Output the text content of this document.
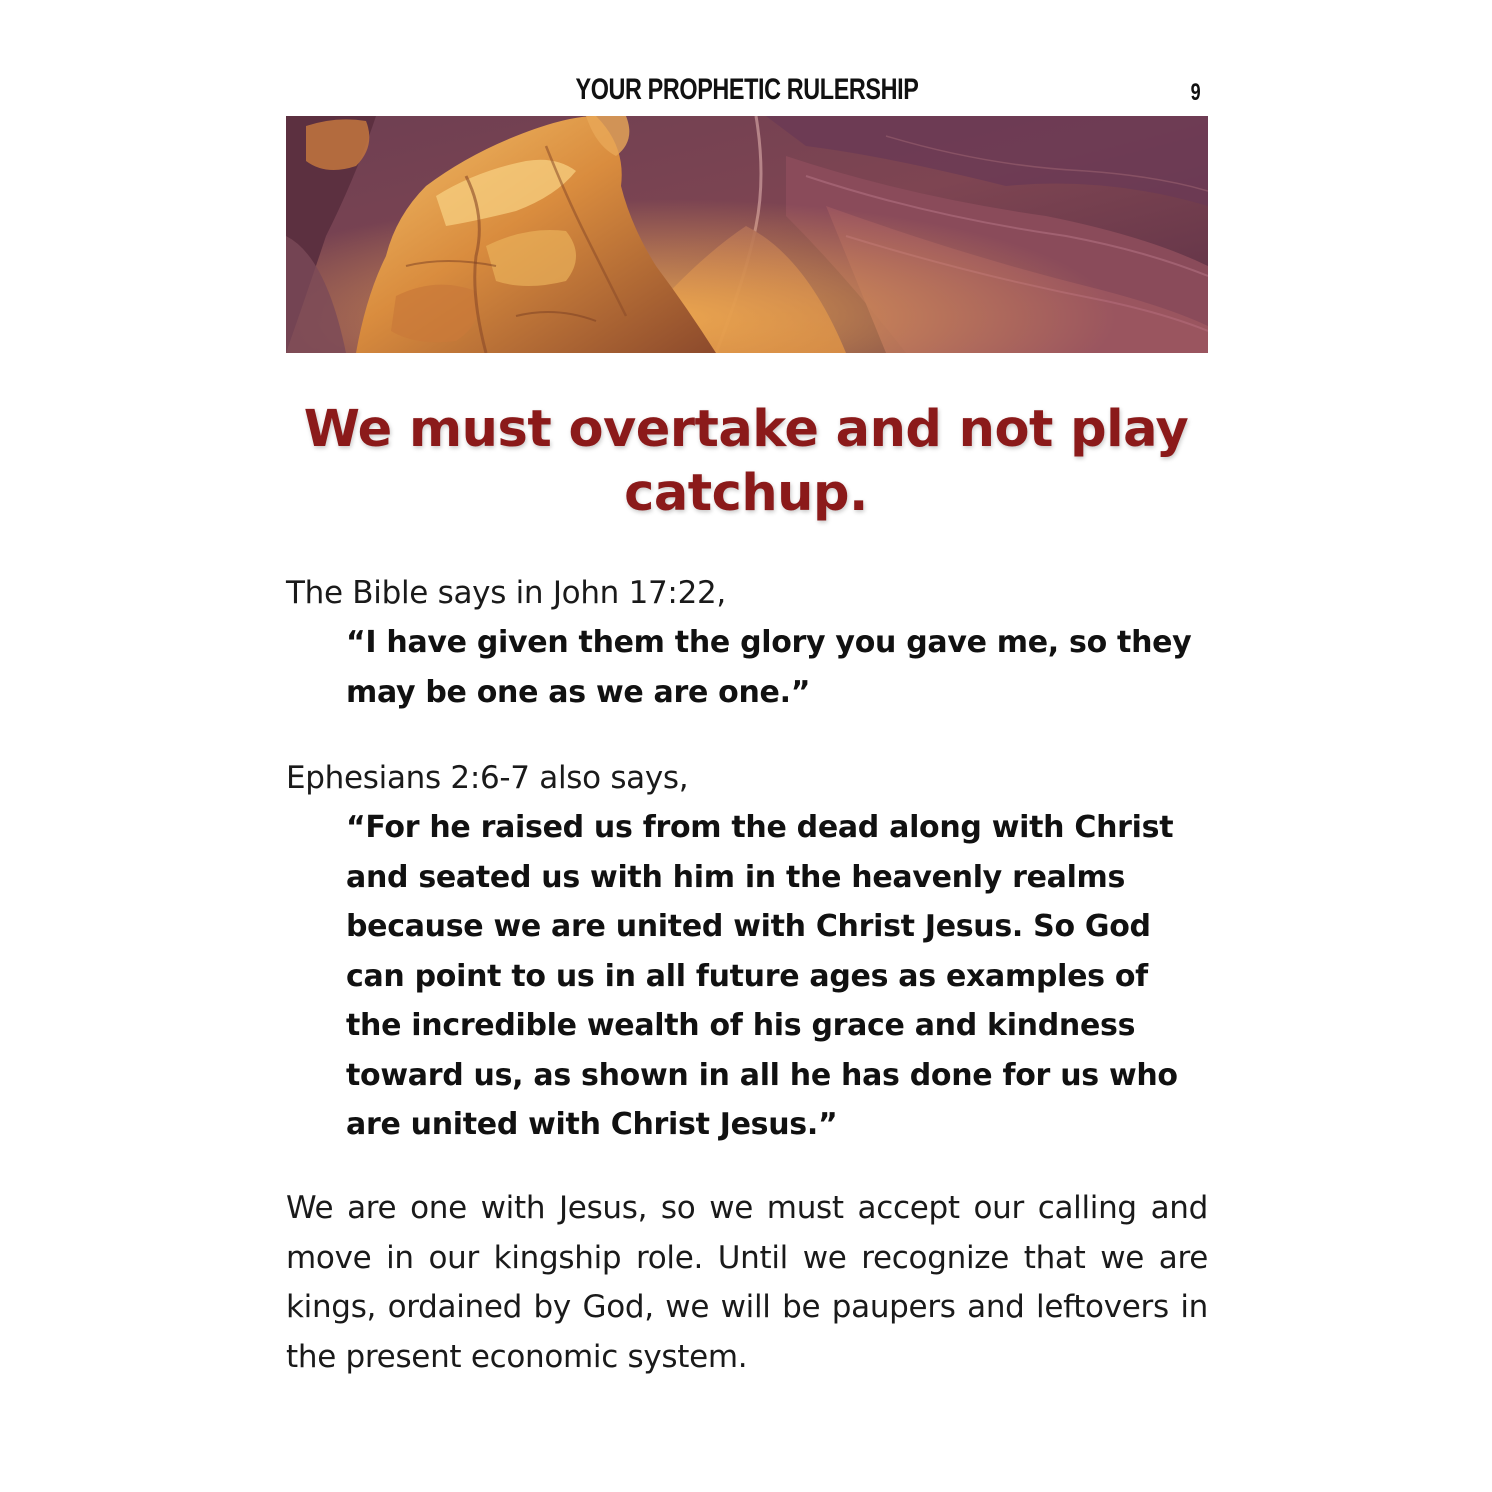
YOUR PROPHETIC RULERSHIP	9
We must overtake and not play catchup.

The Bible says in John 17:22,

“I have given them the glory you gave me, so they may be one as we are one.”

Ephesians 2:6-7 also says,

“For he raised us from the dead along with Christ and seated us with him in the heavenly realms because we are united with Christ Jesus. So God can point to us in all future ages as examples of the incredible wealth of his grace and kindness toward us, as shown in all he has done for us who are united with Christ Jesus.”

We are one with Jesus, so we must accept our calling and move in our kingship role. Until we recognize that we are kings, ordained by God, we will be paupers and leftovers in the present economic system.
